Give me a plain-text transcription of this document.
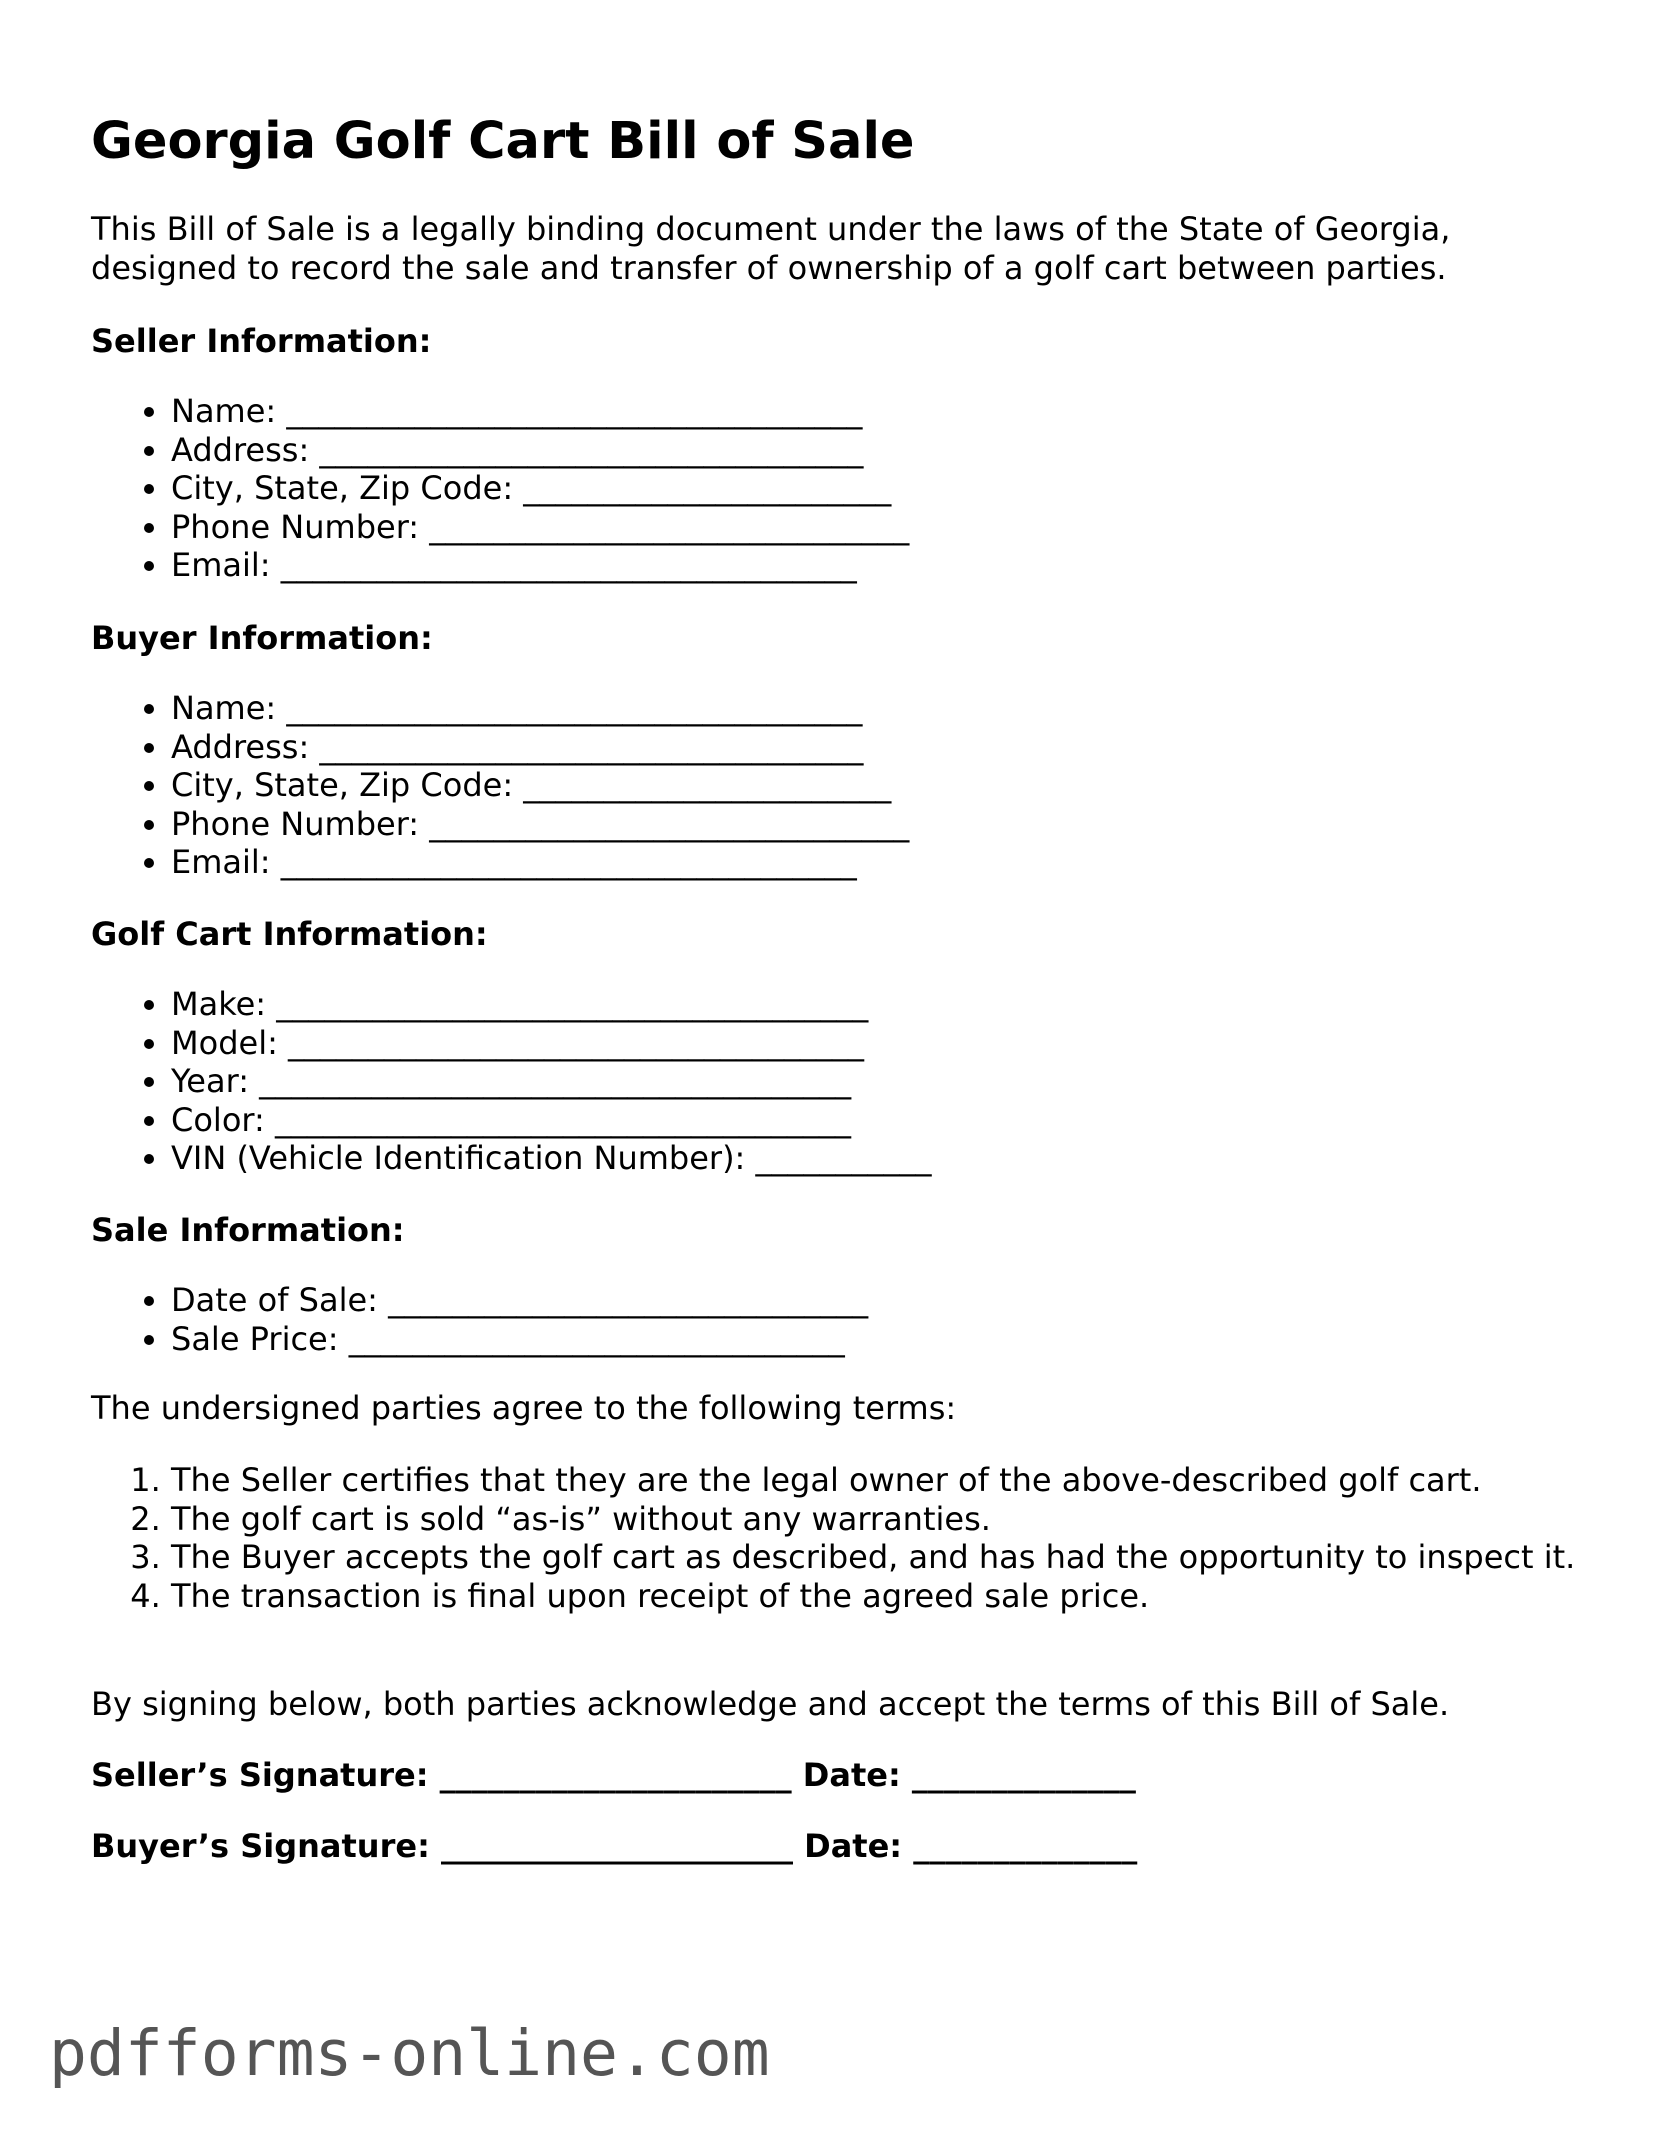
Georgia Golf Cart Bill of Sale

This Bill of Sale is a legally binding document under the laws of the State of Georgia, designed to record the sale and transfer of ownership of a golf cart between parties.

Seller Information:

• Name: ____________________________________
• Address: __________________________________
• City, State, Zip Code: _______________________
• Phone Number: ______________________________
• Email: ____________________________________

Buyer Information:

• Name: ____________________________________
• Address: __________________________________
• City, State, Zip Code: _______________________
• Phone Number: ______________________________
• Email: ____________________________________

Golf Cart Information:

• Make: _____________________________________
• Model: ____________________________________
• Year: _____________________________________
• Color: ____________________________________
• VIN (Vehicle Identification Number): ___________

Sale Information:

• Date of Sale: ______________________________
• Sale Price: _______________________________

The undersigned parties agree to the following terms:

1. The Seller certifies that they are the legal owner of the above-described golf cart.
2. The golf cart is sold “as-is” without any warranties.
3. The Buyer accepts the golf cart as described, and has had the opportunity to inspect it.
4. The transaction is final upon receipt of the agreed sale price.

By signing below, both parties acknowledge and accept the terms of this Bill of Sale.

Seller’s Signature: ______________________ Date: ______________

Buyer’s Signature: ______________________ Date: ______________

pdfforms-online.com
